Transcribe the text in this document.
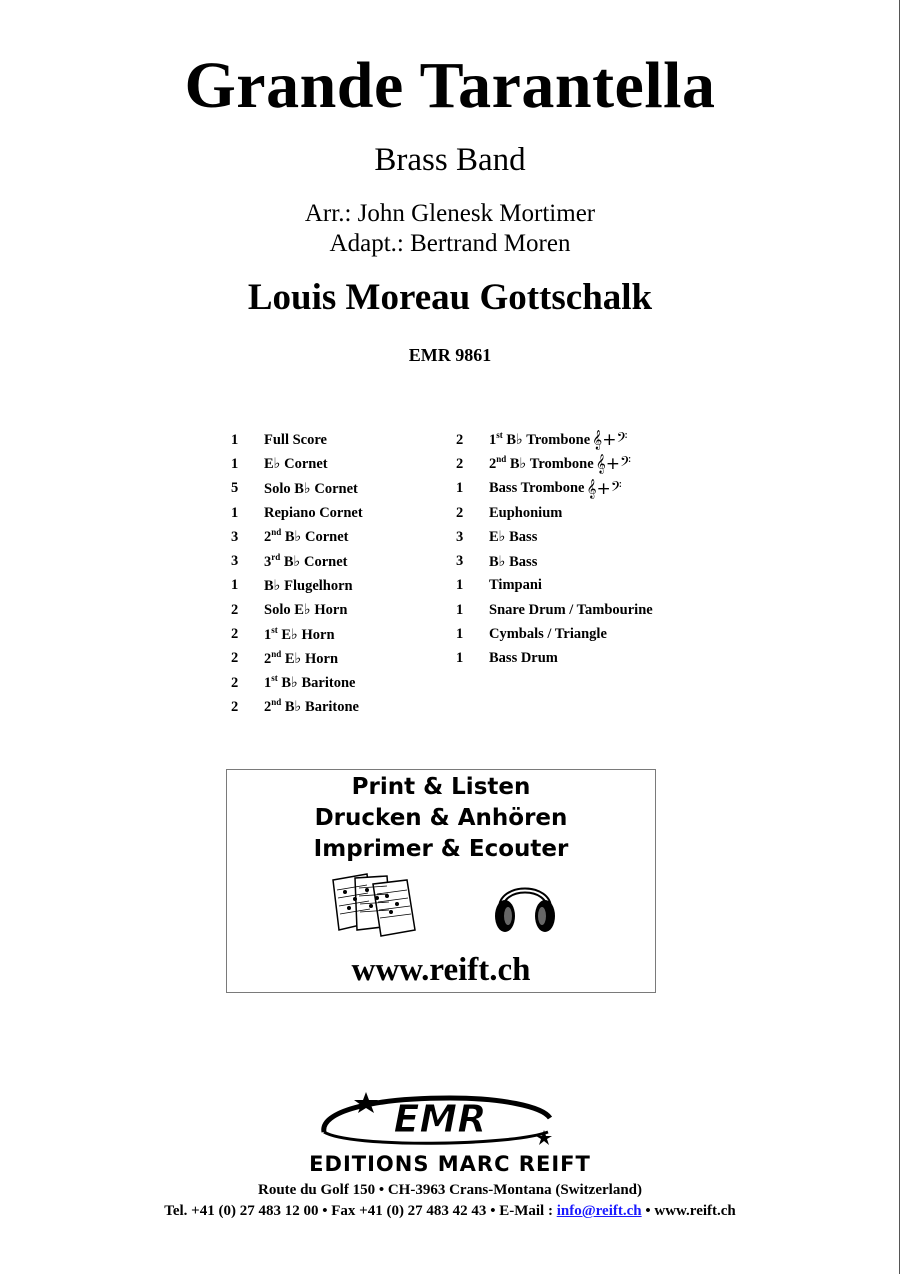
Grande Tarantella
Brass Band
Arr.: John Glenesk Mortimer
Adapt.: Bertrand Moren
Louis Moreau Gottschalk
EMR 9861
1	Full Score
1	E♭ Cornet
5	Solo B♭ Cornet
1	Repiano Cornet
3	2nd B♭ Cornet
3	3rd B♭ Cornet
1	B♭ Flugelhorn
2	Solo E♭ Horn
2	1st E♭ Horn
2	2nd E♭ Horn
2	1st B♭ Baritone
2	2nd B♭ Baritone
2	1st B♭ Trombone 𝄞+𝄢
2	2nd B♭ Trombone 𝄞+𝄢
1	Bass Trombone 𝄞+𝄢
2	Euphonium
3	E♭ Bass
3	B♭ Bass
1	Timpani
1	Snare Drum / Tambourine
1	Cymbals / Triangle
1	Bass Drum
Print & Listen
Drucken & Anhören
Imprimer & Ecouter
www.reift.ch
EMR
EDITIONS MARC REIFT
Route du Golf 150 • CH-3963 Crans-Montana (Switzerland)
Tel. +41 (0) 27 483 12 00 • Fax +41 (0) 27 483 42 43 • E-Mail : info@reift.ch • www.reift.ch
